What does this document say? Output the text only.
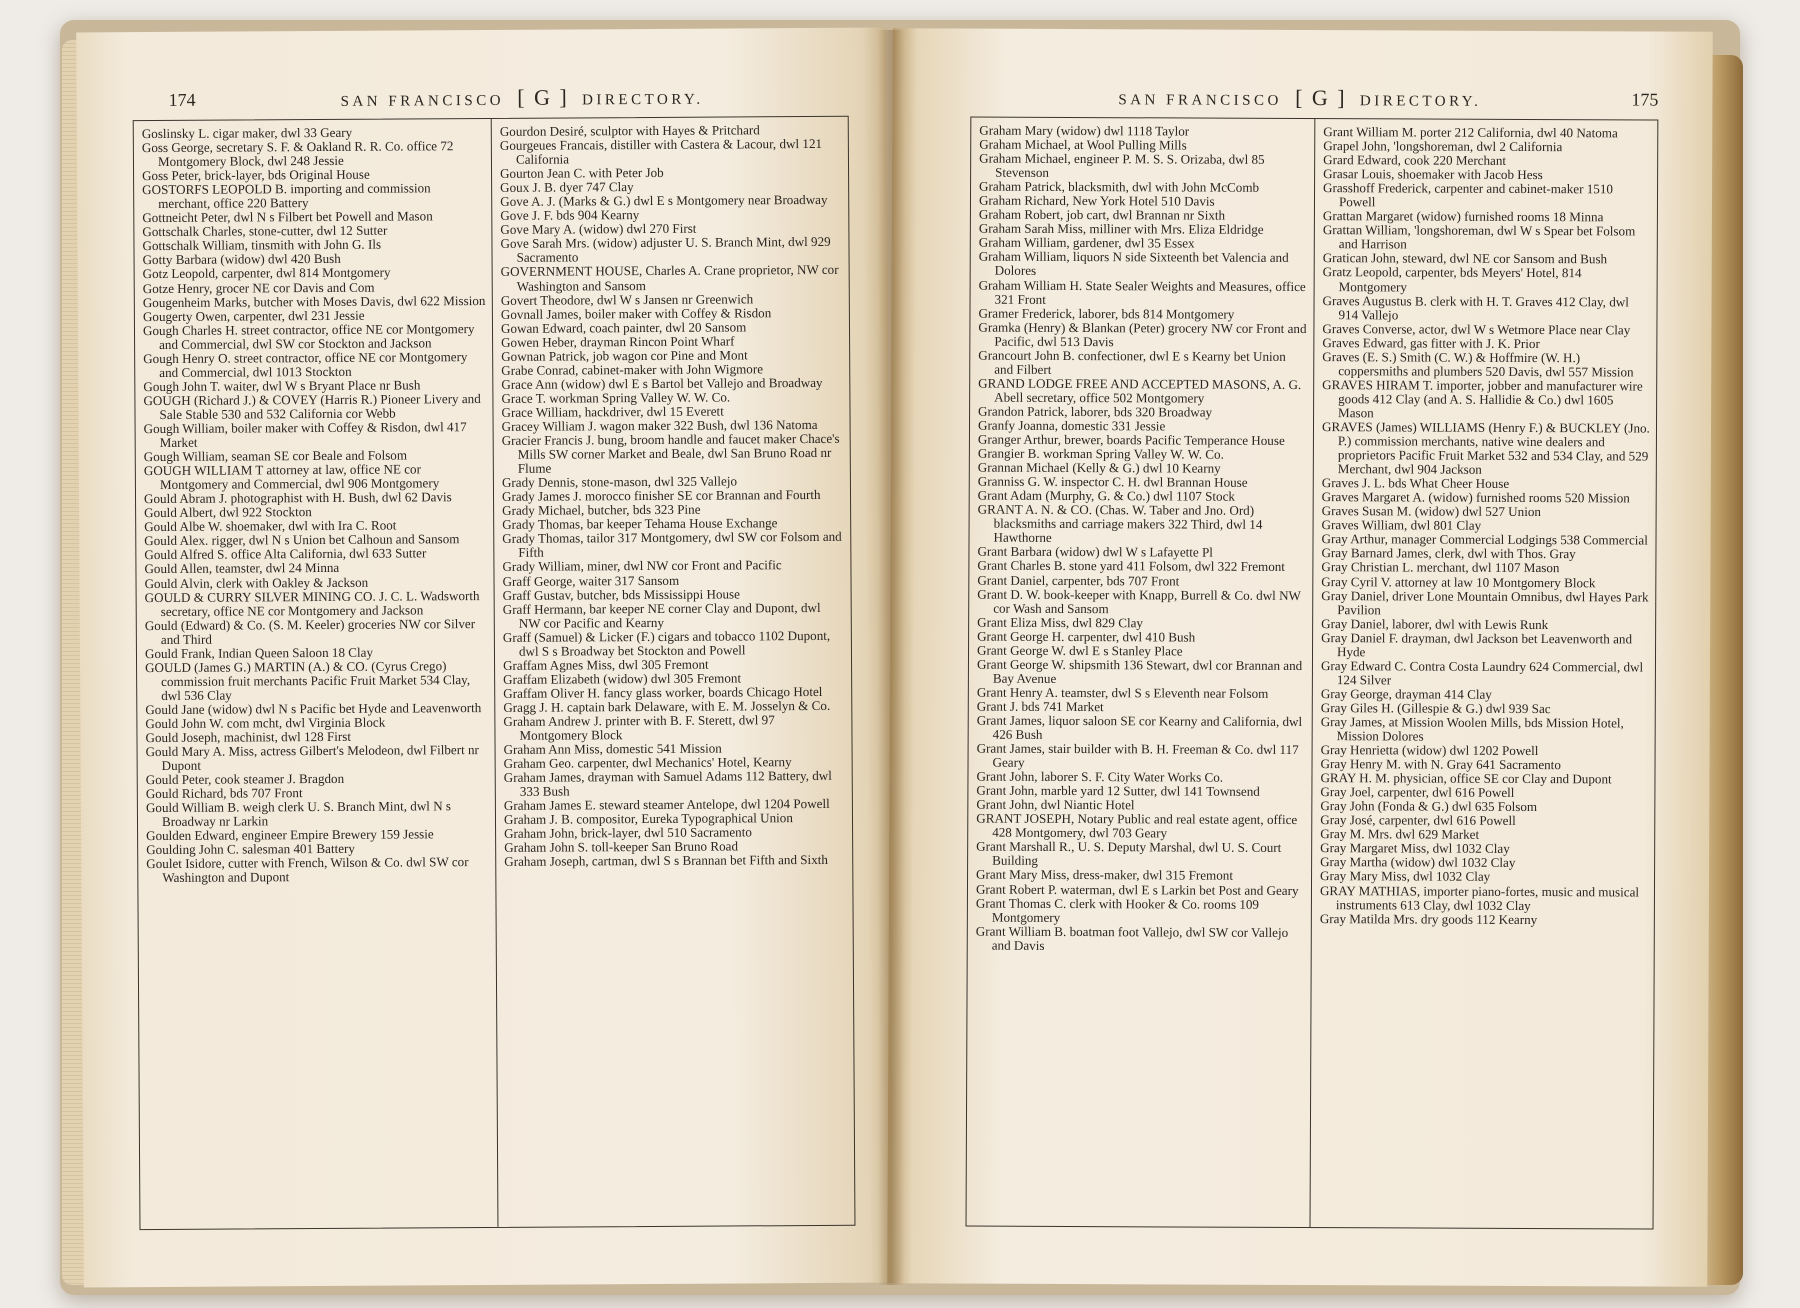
174	SAN FRANCISCO [ G ] DIRECTORY.

Goslinsky L. cigar maker, dwl 33 Geary

Goss George, secretary S. F. & Oakland R. R. Co. office 72 Montgomery Block, dwl 248 Jessie

Goss Peter, brick-layer, bds Original House

GOSTORFS LEOPOLD B. importing and commission merchant, office 220 Battery

Gottneicht Peter, dwl N s Filbert bet Powell and Mason

Gottschalk Charles, stone-cutter, dwl 12 Sutter

Gottschalk William, tinsmith with John G. Ils

Gotty Barbara (widow) dwl 420 Bush

Gotz Leopold, carpenter, dwl 814 Montgomery

Gotze Henry, grocer NE cor Davis and Com

Gougenheim Marks, butcher with Moses Davis, dwl 622 Mission

Gougerty Owen, carpenter, dwl 231 Jessie

Gough Charles H. street contractor, office NE cor Montgomery and Commercial, dwl SW cor Stockton and Jackson

Gough Henry O. street contractor, office NE cor Montgomery and Commercial, dwl 1013 Stockton

Gough John T. waiter, dwl W s Bryant Place nr Bush

GOUGH (Richard J.) & COVEY (Harris R.) Pioneer Livery and Sale Stable 530 and 532 California cor Webb

Gough William, boiler maker with Coffey & Risdon, dwl 417 Market

Gough William, seaman SE cor Beale and Folsom

GOUGH WILLIAM T attorney at law, office NE cor Montgomery and Commercial, dwl 906 Montgomery

Gould Abram J. photographist with H. Bush, dwl 62 Davis

Gould Albert, dwl 922 Stockton

Gould Albe W. shoemaker, dwl with Ira C. Root

Gould Alex. rigger, dwl N s Union bet Calhoun and Sansom

Gould Alfred S. office Alta California, dwl 633 Sutter

Gould Allen, teamster, dwl 24 Minna

Gould Alvin, clerk with Oakley & Jackson

GOULD & CURRY SILVER MINING CO. J. C. L. Wadsworth secretary, office NE cor Montgomery and Jackson

Gould (Edward) & Co. (S. M. Keeler) groceries NW cor Silver and Third

Gould Frank, Indian Queen Saloon 18 Clay

GOULD (James G.) MARTIN (A.) & CO. (Cyrus Crego) commission fruit merchants Pacific Fruit Market 534 Clay, dwl 536 Clay

Gould Jane (widow) dwl N s Pacific bet Hyde and Leavenworth

Gould John W. com mcht, dwl Virginia Block

Gould Joseph, machinist, dwl 128 First

Gould Mary A. Miss, actress Gilbert's Melodeon, dwl Filbert nr Dupont

Gould Peter, cook steamer J. Bragdon

Gould Richard, bds 707 Front

Gould William B. weigh clerk U. S. Branch Mint, dwl N s Broadway nr Larkin

Goulden Edward, engineer Empire Brewery 159 Jessie

Goulding John C. salesman 401 Battery

Goulet Isidore, cutter with French, Wilson & Co. dwl SW cor Washington and Dupont

Gourdon Desiré, sculptor with Hayes & Pritchard

Gourgeues Francais, distiller with Castera & Lacour, dwl 121 California

Gourton Jean C. with Peter Job

Goux J. B. dyer 747 Clay

Gove A. J. (Marks & G.) dwl E s Montgomery near Broadway

Gove J. F. bds 904 Kearny

Gove Mary A. (widow) dwl 270 First

Gove Sarah Mrs. (widow) adjuster U. S. Branch Mint, dwl 929 Sacramento

GOVERNMENT HOUSE, Charles A. Crane proprietor, NW cor Washington and Sansom

Govert Theodore, dwl W s Jansen nr Greenwich

Govnall James, boiler maker with Coffey & Risdon

Gowan Edward, coach painter, dwl 20 Sansom

Gowen Heber, drayman Rincon Point Wharf

Gownan Patrick, job wagon cor Pine and Mont

Grabe Conrad, cabinet-maker with John Wigmore

Grace Ann (widow) dwl E s Bartol bet Vallejo and Broadway

Grace T. workman Spring Valley W. W. Co.

Grace William, hackdriver, dwl 15 Everett

Gracey William J. wagon maker 322 Bush, dwl 136 Natoma

Gracier Francis J. bung, broom handle and faucet maker Chace's Mills SW corner Market and Beale, dwl San Bruno Road nr Flume

Grady Dennis, stone-mason, dwl 325 Vallejo

Grady James J. morocco finisher SE cor Brannan and Fourth

Grady Michael, butcher, bds 323 Pine

Grady Thomas, bar keeper Tehama House Exchange

Grady Thomas, tailor 317 Montgomery, dwl SW cor Folsom and Fifth

Grady William, miner, dwl NW cor Front and Pacific

Graff George, waiter 317 Sansom

Graff Gustav, butcher, bds Mississippi House

Graff Hermann, bar keeper NE corner Clay and Dupont, dwl NW cor Pacific and Kearny

Graff (Samuel) & Licker (F.) cigars and tobacco 1102 Dupont, dwl S s Broadway bet Stockton and Powell

Graffam Agnes Miss, dwl 305 Fremont

Graffam Elizabeth (widow) dwl 305 Fremont

Graffam Oliver H. fancy glass worker, boards Chicago Hotel

Gragg J. H. captain bark Delaware, with E. M. Josselyn & Co.

Graham Andrew J. printer with B. F. Sterett, dwl 97 Montgomery Block

Graham Ann Miss, domestic 541 Mission

Graham Geo. carpenter, dwl Mechanics' Hotel, Kearny

Graham James, drayman with Samuel Adams 112 Battery, dwl 333 Bush

Graham James E. steward steamer Antelope, dwl 1204 Powell

Graham J. B. compositor, Eureka Typographical Union

Graham John, brick-layer, dwl 510 Sacramento

Graham John S. toll-keeper San Bruno Road

Graham Joseph, cartman, dwl S s Brannan bet Fifth and Sixth

SAN FRANCISCO [ G ] DIRECTORY.	175

Graham Mary (widow) dwl 1118 Taylor

Graham Michael, at Wool Pulling Mills

Graham Michael, engineer P. M. S. S. Orizaba, dwl 85 Stevenson

Graham Patrick, blacksmith, dwl with John McComb

Graham Richard, New York Hotel 510 Davis

Graham Robert, job cart, dwl Brannan nr Sixth

Graham Sarah Miss, milliner with Mrs. Eliza Eldridge

Graham William, gardener, dwl 35 Essex

Graham William, liquors N side Sixteenth bet Valencia and Dolores

Graham William H. State Sealer Weights and Measures, office 321 Front

Gramer Frederick, laborer, bds 814 Montgomery

Gramka (Henry) & Blankan (Peter) grocery NW cor Front and Pacific, dwl 513 Davis

Grancourt John B. confectioner, dwl E s Kearny bet Union and Filbert

GRAND LODGE FREE AND ACCEPTED MASONS, A. G. Abell secretary, office 502 Montgomery

Grandon Patrick, laborer, bds 320 Broadway

Granfy Joanna, domestic 331 Jessie

Granger Arthur, brewer, boards Pacific Temperance House

Grangier B. workman Spring Valley W. W. Co.

Grannan Michael (Kelly & G.) dwl 10 Kearny

Granniss G. W. inspector C. H. dwl Brannan House

Grant Adam (Murphy, G. & Co.) dwl 1107 Stock

GRANT A. N. & CO. (Chas. W. Taber and Jno. Ord) blacksmiths and carriage makers 322 Third, dwl 14 Hawthorne

Grant Barbara (widow) dwl W s Lafayette Pl

Grant Charles B. stone yard 411 Folsom, dwl 322 Fremont

Grant Daniel, carpenter, bds 707 Front

Grant D. W. book-keeper with Knapp, Burrell & Co. dwl NW cor Wash and Sansom

Grant Eliza Miss, dwl 829 Clay

Grant George H. carpenter, dwl 410 Bush

Grant George W. dwl E s Stanley Place

Grant George W. shipsmith 136 Stewart, dwl cor Brannan and Bay Avenue

Grant Henry A. teamster, dwl S s Eleventh near Folsom

Grant J. bds 741 Market

Grant James, liquor saloon SE cor Kearny and California, dwl 426 Bush

Grant James, stair builder with B. H. Freeman & Co. dwl 117 Geary

Grant John, laborer S. F. City Water Works Co.

Grant John, marble yard 12 Sutter, dwl 141 Townsend

Grant John, dwl Niantic Hotel

GRANT JOSEPH, Notary Public and real estate agent, office 428 Montgomery, dwl 703 Geary

Grant Marshall R., U. S. Deputy Marshal, dwl U. S. Court Building

Grant Mary Miss, dress-maker, dwl 315 Fremont

Grant Robert P. waterman, dwl E s Larkin bet Post and Geary

Grant Thomas C. clerk with Hooker & Co. rooms 109 Montgomery

Grant William B. boatman foot Vallejo, dwl SW cor Vallejo and Davis

Grant William M. porter 212 California, dwl 40 Natoma

Grapel John, 'longshoreman, dwl 2 California

Grard Edward, cook 220 Merchant

Grasar Louis, shoemaker with Jacob Hess

Grasshoff Frederick, carpenter and cabinet-maker 1510 Powell

Grattan Margaret (widow) furnished rooms 18 Minna

Grattan William, 'longshoreman, dwl W s Spear bet Folsom and Harrison

Gratican John, steward, dwl NE cor Sansom and Bush

Gratz Leopold, carpenter, bds Meyers' Hotel, 814 Montgomery

Graves Augustus B. clerk with H. T. Graves 412 Clay, dwl 914 Vallejo

Graves Converse, actor, dwl W s Wetmore Place near Clay

Graves Edward, gas fitter with J. K. Prior

Graves (E. S.) Smith (C. W.) & Hoffmire (W. H.) coppersmiths and plumbers 520 Davis, dwl 557 Mission

GRAVES HIRAM T. importer, jobber and manufacturer wire goods 412 Clay (and A. S. Hallidie & Co.) dwl 1605 Mason

GRAVES (James) WILLIAMS (Henry F.) & BUCKLEY (Jno. P.) commission merchants, native wine dealers and proprietors Pacific Fruit Market 532 and 534 Clay, and 529 Merchant, dwl 904 Jackson

Graves J. L. bds What Cheer House

Graves Margaret A. (widow) furnished rooms 520 Mission

Graves Susan M. (widow) dwl 527 Union

Graves William, dwl 801 Clay

Gray Arthur, manager Commercial Lodgings 538 Commercial

Gray Barnard James, clerk, dwl with Thos. Gray

Gray Christian L. merchant, dwl 1107 Mason

Gray Cyril V. attorney at law 10 Montgomery Block

Gray Daniel, driver Lone Mountain Omnibus, dwl Hayes Park Pavilion

Gray Daniel, laborer, dwl with Lewis Runk

Gray Daniel F. drayman, dwl Jackson bet Leavenworth and Hyde

Gray Edward C. Contra Costa Laundry 624 Commercial, dwl 124 Silver

Gray George, drayman 414 Clay

Gray Giles H. (Gillespie & G.) dwl 939 Sac

Gray James, at Mission Woolen Mills, bds Mission Hotel, Mission Dolores

Gray Henrietta (widow) dwl 1202 Powell

Gray Henry M. with N. Gray 641 Sacramento

GRAY H. M. physician, office SE cor Clay and Dupont

Gray Joel, carpenter, dwl 616 Powell

Gray John (Fonda & G.) dwl 635 Folsom

Gray José, carpenter, dwl 616 Powell

Gray M. Mrs. dwl 629 Market

Gray Margaret Miss, dwl 1032 Clay

Gray Martha (widow) dwl 1032 Clay

Gray Mary Miss, dwl 1032 Clay

GRAY MATHIAS, importer piano-fortes, music and musical instruments 613 Clay, dwl 1032 Clay

Gray Matilda Mrs. dry goods 112 Kearny
